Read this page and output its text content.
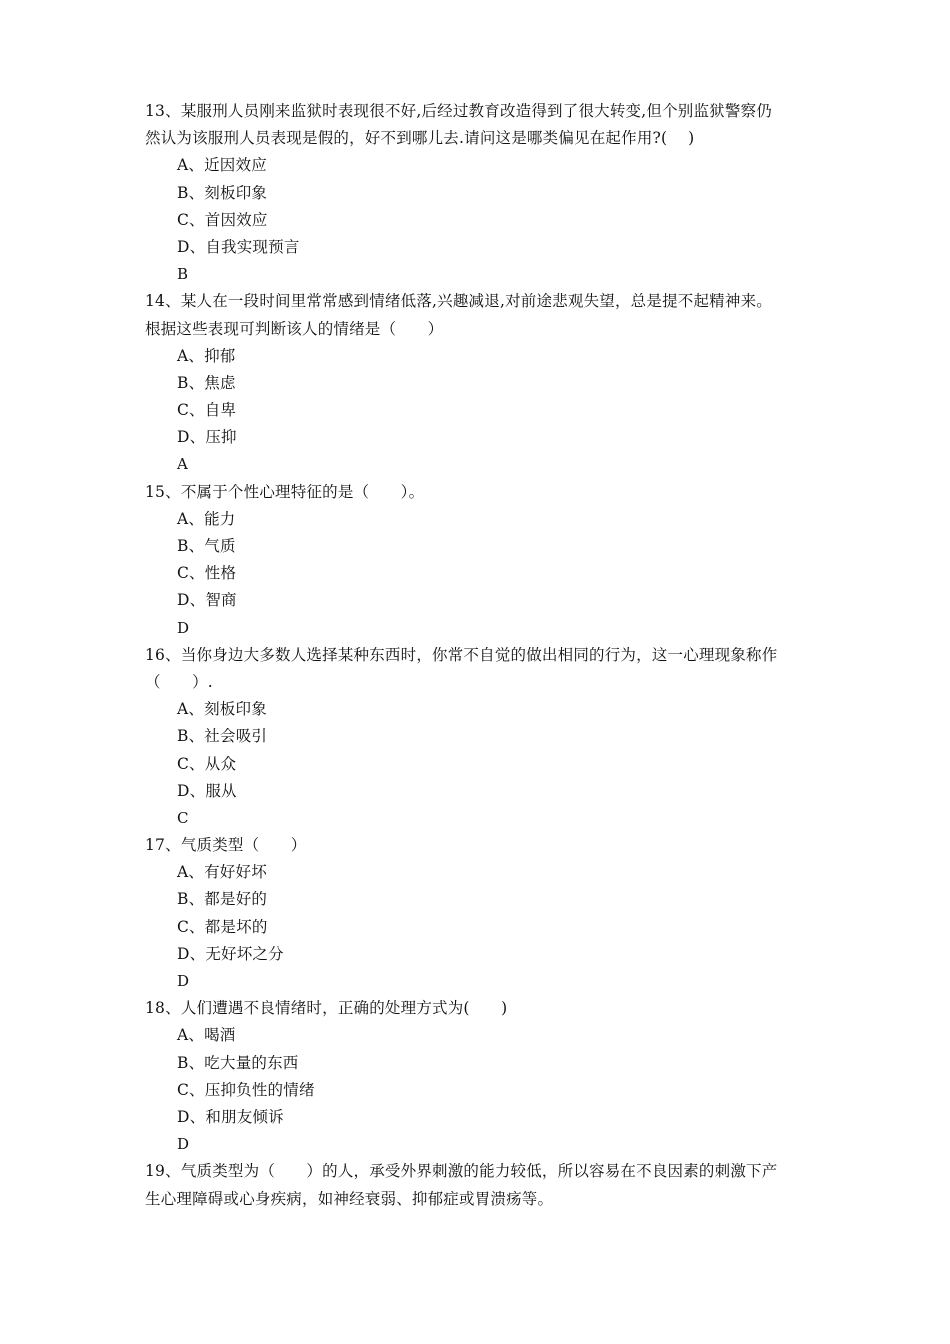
13、某服刑人员刚来监狱时表现很不好,后经过教育改造得到了很大转变,但个别监狱警察仍
然认为该服刑人员表现是假的，好不到哪儿去.请问这是哪类偏见在起作用?(　 )
A、近因效应
B、刻板印象
C、首因效应
D、自我实现预言
B
14、某人在一段时间里常常感到情绪低落,兴趣减退,对前途悲观失望，总是提不起精神来。
根据这些表现可判断该人的情绪是（　　）
A、抑郁
B、焦虑
C、自卑
D、压抑
A
15、不属于个性心理特征的是（　　）。
A、能力
B、气质
C、性格
D、智商
D
16、当你身边大多数人选择某种东西时，你常不自觉的做出相同的行为，这一心理现象称作
（　　）.
A、刻板印象
B、社会吸引
C、从众
D、服从
C
17、气质类型（　　）
A、有好好坏
B、都是好的
C、都是坏的
D、无好坏之分
D
18、人们遭遇不良情绪时，正确的处理方式为(　　)
A、喝酒
B、吃大量的东西
C、压抑负性的情绪
D、和朋友倾诉
D
19、气质类型为（　　）的人，承受外界刺激的能力较低，所以容易在不良因素的刺激下产
生心理障碍或心身疾病，如神经衰弱、抑郁症或胃溃疡等。
